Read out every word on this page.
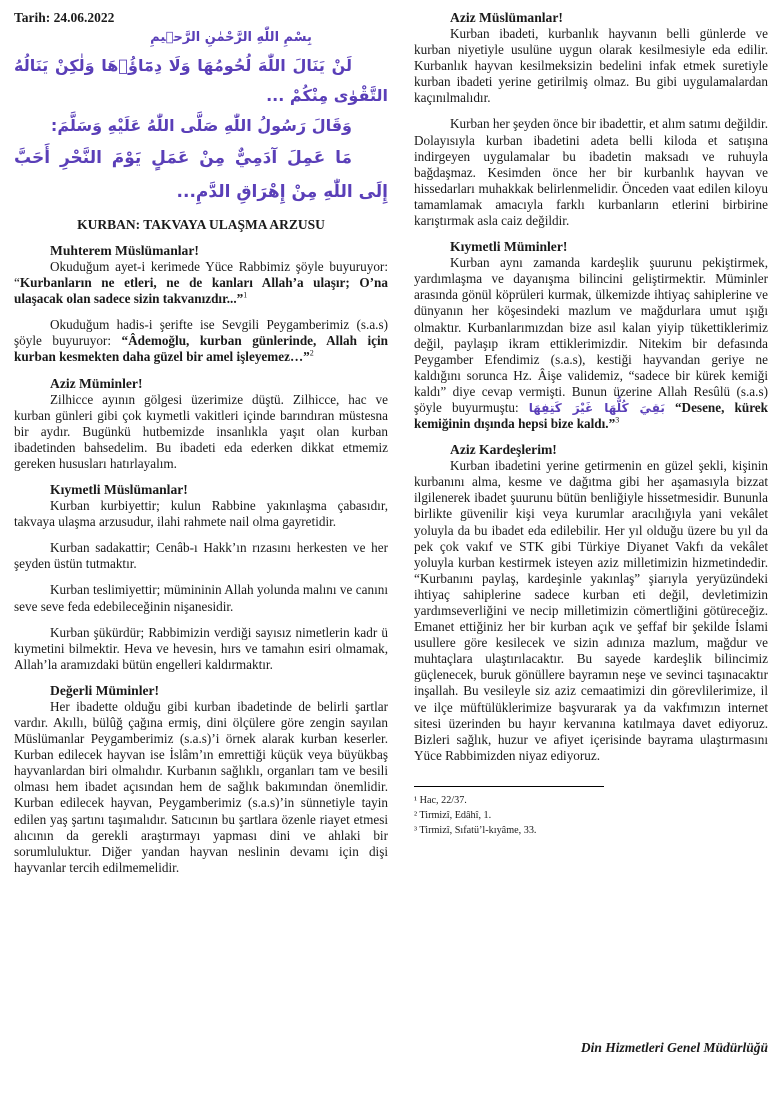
Tarih: 24.06.2022
بِسْمِ اللّٰهِ الرَّحْمٰنِ الرَّح۪يمِ

لَنْ يَنَالَ اللّٰهَ لُحُومُهَا وَلَا دِمَٓاؤُ۬هَا وَلٰكِنْ يَنَالُهُ التَّقْوٰى مِنْكُمْ ...

وَقَالَ رَسُولُ اللّٰهِ صَلَّى اللّٰهُ عَلَيْهِ وَسَلَّمَ:

مَا عَمِلَ آدَمِيٌّ مِنْ عَمَلٍ يَوْمَ النَّحْرِ أَحَبَّ إِلَى اللّٰهِ مِنْ إِهْرَاقِ الدَّمِ...

KURBAN: TAKVAYA ULAŞMA ARZUSU
Muhterem Müslümanlar!

Okuduğum ayet-i kerimede Yüce Rabbimiz şöyle buyuruyor: “Kurbanların ne etleri, ne de kanları Allah’a ulaşır; O’na ulaşacak olan sadece sizin takvanızdır...”$^1$

Okuduğum hadis-i şerifte ise Sevgili Peygamberimiz (s.a.s) şöyle buyuruyor: “Âdemoğlu, kurban günlerinde, Allah için kurban kesmekten daha güzel bir amel işleyemez…”$^2$

Aziz Müminler!

Zilhicce ayının gölgesi üzerimize düştü. Zilhicce, hac ve kurban günleri gibi çok kıymetli vakitleri içinde barındıran müstesna bir aydır. Bugünkü hutbemizde insanlıkla yaşıt olan kurban ibadetinden bahsedelim. Bu ibadeti eda ederken dikkat etmemiz gereken hususları hatırlayalım.

Kıymetli Müslümanlar!

Kurban kurbiyettir; kulun Rabbine yakınlaşma çabasıdır, takvaya ulaşma arzusudur, ilahi rahmete nail olma gayretidir.

Kurban sadakattir; Cenâb-ı Hakk’ın rızasını herkesten ve her şeyden üstün tutmaktır.

Kurban teslimiyettir; mümininin Allah yolunda malını ve canını seve seve feda edebileceğinin nişanesidir.

Kurban şükürdür; Rabbimizin verdiği sayısız nimetlerin kadr ü kıymetini bilmektir. Heva ve hevesin, hırs ve tamahın esiri olmamak, Allah’la aramızdaki bütün engelleri kaldırmaktır.

Değerli Müminler!

Her ibadette olduğu gibi kurban ibadetinde de belirli şartlar vardır. Akıllı, bülûğ çağına ermiş, dini ölçülere göre zengin sayılan Müslümanlar Peygamberimiz (s.a.s)’i örnek alarak kurban keserler. Kurban edilecek hayvan ise İslâm’ın emrettiği küçük veya büyükbaş hayvanlardan biri olmalıdır. Kurbanın sağlıklı, organları tam ve besili olması hem ibadet açısından hem de sağlık bakımından önemlidir. Kurban edilecek hayvan, Peygamberimiz (s.a.s)’in sünnetiyle tayin edilen yaş şartını taşımalıdır. Satıcının bu şartlara özenle riayet etmesi alıcının da gerekli araştırmayı yapması dini ve ahlaki bir sorumluluktur. Diğer yandan hayvan neslinin devamı için dişi hayvanlar tercih edilmemelidir.

Aziz Müslümanlar!

Kurban ibadeti, kurbanlık hayvanın belli günlerde ve kurban niyetiyle usulüne uygun olarak kesilmesiyle eda edilir. Kurbanlık hayvan kesilmeksizin bedelini infak etmek suretiyle kurban ibadeti yerine getirilmiş olmaz. Bu gibi uygulamalardan kaçınılmalıdır.

Kurban her şeyden önce bir ibadettir, et alım satımı değildir. Dolayısıyla kurban ibadetini adeta belli kiloda et satışına indirgeyen uygulamalar bu ibadetin maksadı ve ruhuyla bağdaşmaz. Kesimden önce her bir kurbanlık hayvan ve hissedarları muhakkak belirlenmelidir. Önceden vaat edilen kiloyu tamamlamak amacıyla farklı kurbanların etlerini birbirine karıştırmak asla caiz değildir.

Kıymetli Müminler!

Kurban aynı zamanda kardeşlik şuurunu pekiştirmek, yardımlaşma ve dayanışma bilincini geliştirmektir. Müminler arasında gönül köprüleri kurmak, ülkemizde ihtiyaç sahiplerine ve dünyanın her köşesindeki mazlum ve mağdurlara umut ışığı olmaktır. Kurbanlarımızdan bize asıl kalan yiyip tükettiklerimiz değil, paylaşıp ikram ettiklerimizdir. Nitekim bir defasında Peygamber Efendimiz (s.a.s), kestiği hayvandan geriye ne kaldığını sorunca Hz. Âişe validemiz, “sadece bir kürek kemiği kaldı” diye cevap vermişti. Bunun üzerine Allah Resûlü (s.a.s) şöyle buyurmuştu: بَقِيَ كُلُّهَا غَيْرَ كَتِفِهَا “Desene, kürek kemiğinin dışında hepsi bize kaldı.”$^3$

Aziz Kardeşlerim!

Kurban ibadetini yerine getirmenin en güzel şekli, kişinin kurbanını alma, kesme ve dağıtma gibi her aşamasıyla bizzat ilgilenerek ibadet şuurunu bütün benliğiyle hissetmesidir. Bununla birlikte güvenilir kişi veya kurumlar aracılığıyla yani vekâlet yoluyla da bu ibadet eda edilebilir. Her yıl olduğu üzere bu yıl da pek çok vakıf ve STK gibi Türkiye Diyanet Vakfı da vekâlet yoluyla kurban kestirmek isteyen aziz milletimizin hizmetindedir. “Kurbanını paylaş, kardeşinle yakınlaş” şiarıyla yeryüzündeki ihtiyaç sahiplerine sadece kurban eti değil, devletimizin yardımseverliğini ve necip milletimizin cömertliğini götüreceğiz. Emanet ettiğiniz her bir kurban açık ve şeffaf bir şekilde İslami usullere göre kesilecek ve sizin adınıza mazlum, mağdur ve muhtaçlara ulaştırılacaktır. Bu sayede kardeşlik bilincimiz güçlenecek, buruk gönüllere bayramın neşe ve sevinci taşınacaktır inşallah. Bu vesileyle siz aziz cemaatimizi din görevlilerimize, il ve ilçe müftülüklerimize başvurarak ya da vakfımızın internet sitesi üzerinden bu hayır kervanına katılmaya davet ediyoruz. Bizleri sağlık, huzur ve afiyet içerisinde bayrama ulaştırmasını Yüce Rabbimizden niyaz ediyoruz.

¹ Hac, 22/37.

² Tirmizî, Edâhî, 1.

³ Tirmizî, Sıfatü’l-kıyâme, 33.

Din Hizmetleri Genel Müdürlüğü
